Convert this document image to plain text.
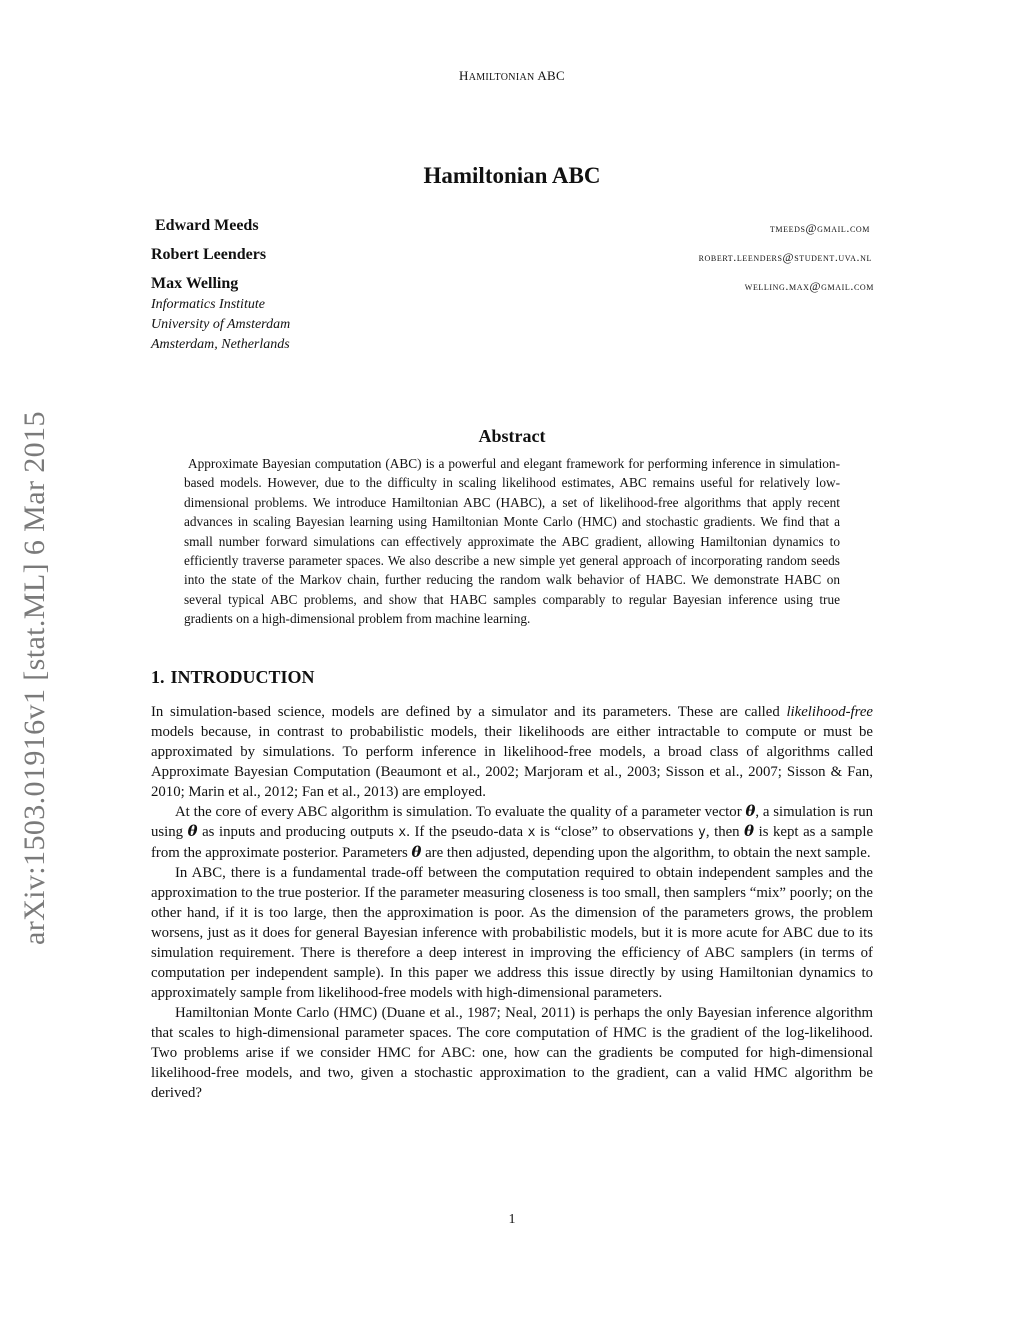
HAMILTONIAN ABC
Hamiltonian ABC
Edward Meeds	tmeeds@gmail.com
Robert Leenders	robert.leenders@student.uva.nl
Max Welling	welling.max@gmail.com
Informatics Institute
University of Amsterdam
Amsterdam, Netherlands
arXiv:1503.01916v1 [stat.ML] 6 Mar 2015	Abstract

Approximate Bayesian computation (ABC) is a powerful and elegant framework for performing inference in simulation-based models. However, due to the difficulty in scaling likelihood estimates, ABC remains useful for relatively low-dimensional problems. We introduce Hamiltonian ABC (HABC), a set of likelihood-free algorithms that apply recent advances in scaling Bayesian learning using Hamiltonian Monte Carlo (HMC) and stochastic gradients. We find that a small number forward simulations can effectively approximate the ABC gradient, allowing Hamiltonian dynamics to efficiently traverse parameter spaces. We also describe a new simple yet general approach of incorporating random seeds into the state of the Markov chain, further reducing the random walk behavior of HABC. We demonstrate HABC on several typical ABC problems, and show that HABC samples comparably to regular Bayesian inference using true gradients on a high-dimensional problem from machine learning.

1. INTRODUCTION

In simulation-based science, models are defined by a simulator and its parameters. These are called likelihood-free models because, in contrast to probabilistic models, their likelihoods are either intractable to compute or must be approximated by simulations. To perform inference in likelihood-free models, a broad class of algorithms called Approximate Bayesian Computation (Beaumont et al., 2002; Marjoram et al., 2003; Sisson et al., 2007; Sisson & Fan, 2010; Marin et al., 2012; Fan et al., 2013) are employed.

At the core of every ABC algorithm is simulation. To evaluate the quality of a parameter vector θ, a simulation is run using θ as inputs and producing outputs x. If the pseudo-data x is “close” to observations y, then θ is kept as a sample from the approximate posterior. Parameters θ are then adjusted, depending upon the algorithm, to obtain the next sample.

In ABC, there is a fundamental trade-off between the computation required to obtain independent samples and the approximation to the true posterior. If the parameter measuring closeness is too small, then samplers “mix” poorly; on the other hand, if it is too large, then the approximation is poor. As the dimension of the parameters grows, the problem worsens, just as it does for general Bayesian inference with probabilistic models, but it is more acute for ABC due to its simulation requirement. There is therefore a deep interest in improving the efficiency of ABC samplers (in terms of computation per independent sample). In this paper we address this issue directly by using Hamiltonian dynamics to approximately sample from likelihood-free models with high-dimensional parameters.

Hamiltonian Monte Carlo (HMC) (Duane et al., 1987; Neal, 2011) is perhaps the only Bayesian inference algorithm that scales to high-dimensional parameter spaces. The core computation of HMC is the gradient of the log-likelihood. Two problems arise if we consider HMC for ABC: one, how can the gradients be computed for high-dimensional likelihood-free models, and two, given a stochastic approximation to the gradient, can a valid HMC algorithm be derived?

1
